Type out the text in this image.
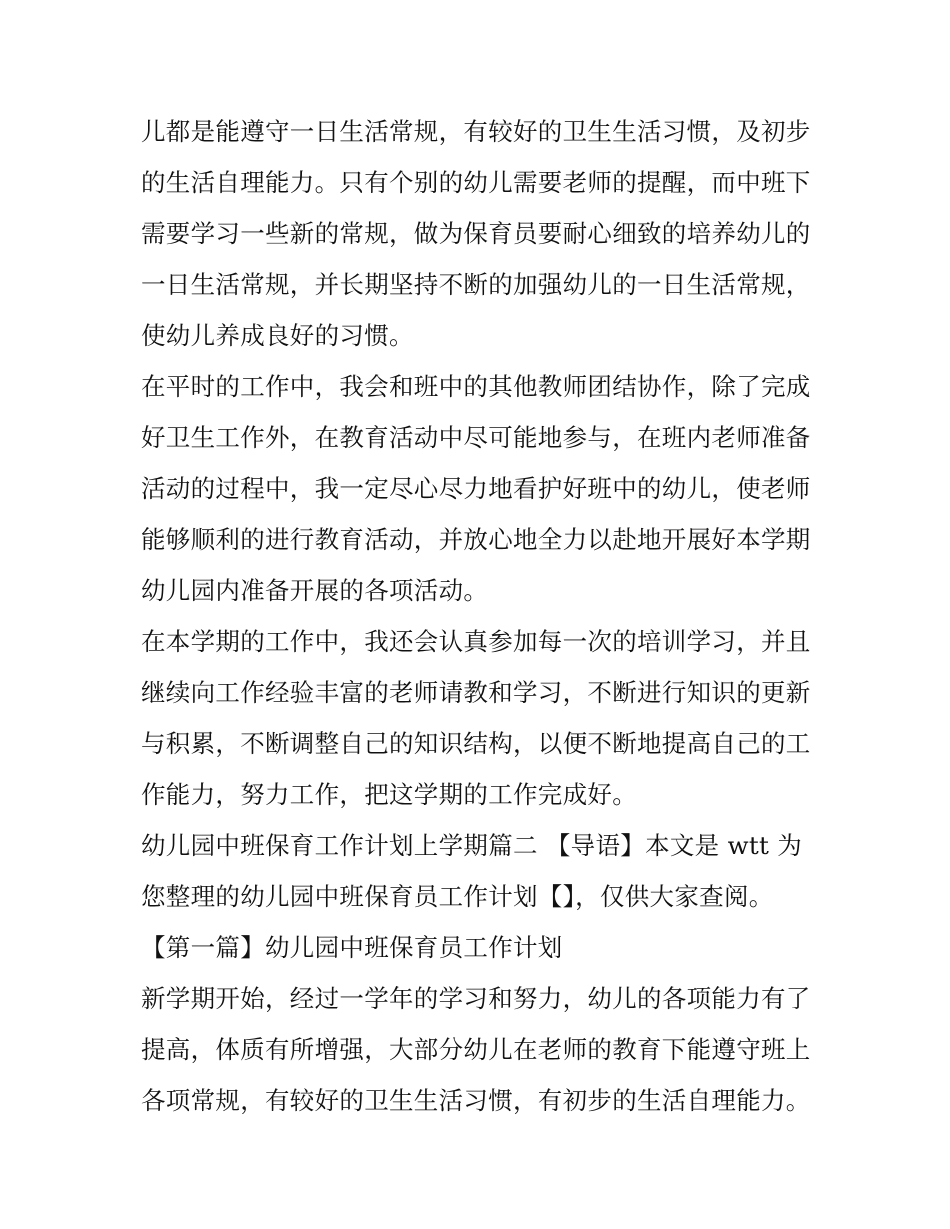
儿都是能遵守一日生活常规，有较好的卫生生活习惯，及初步
的生活自理能力。只有个别的幼儿需要老师的提醒，而中班下
需要学习一些新的常规，做为保育员要耐心细致的培养幼儿的
一日生活常规，并长期坚持不断的加强幼儿的一日生活常规，
使幼儿养成良好的习惯。
在平时的工作中，我会和班中的其他教师团结协作，除了完成
好卫生工作外，在教育活动中尽可能地参与，在班内老师准备
活动的过程中，我一定尽心尽力地看护好班中的幼儿，使老师
能够顺利的进行教育活动，并放心地全力以赴地开展好本学期
幼儿园内准备开展的各项活动。
在本学期的工作中，我还会认真参加每一次的培训学习，并且
继续向工作经验丰富的老师请教和学习，不断进行知识的更新
与积累，不断调整自己的知识结构，以便不断地提高自己的工
作能力，努力工作，把这学期的工作完成好。
幼儿园中班保育工作计划上学期篇二 【导语】本文是 wtt 为
您整理的幼儿园中班保育员工作计划【】，仅供大家查阅。
【第一篇】幼儿园中班保育员工作计划
新学期开始，经过一学年的学习和努力，幼儿的各项能力有了
提高，体质有所增强，大部分幼儿在老师的教育下能遵守班上
各项常规，有较好的卫生生活习惯，有初步的生活自理能力。
